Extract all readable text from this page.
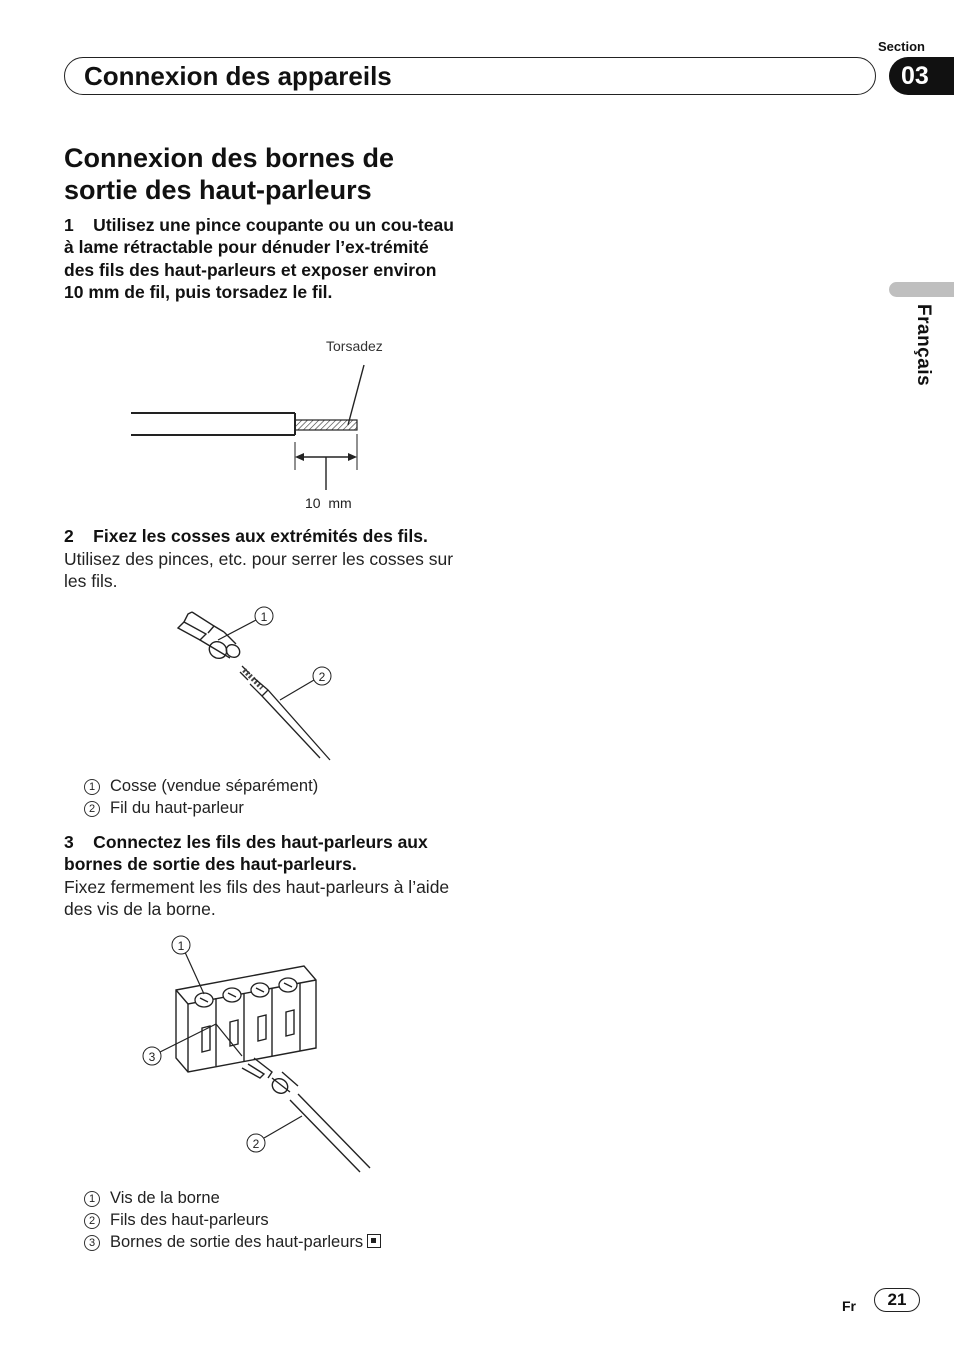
Section
Connexion des appareils	03
Français
Connexion des bornes de sortie des haut-parleurs
1    Utilisez une pince coupante ou un cou-teau à lame rétractable pour dénuder l’ex-trémité des fils des haut-parleurs et exposer environ 10 mm de fil, puis torsadez le fil.
Torsadez
10  mm
2    Fixez les cosses aux extrémités des fils.
Utilisez des pinces, etc. pour serrer les cosses sur les fils.
1
2
1 Cosse (vendue séparément)
2 Fil du haut-parleur
3    Connectez les fils des haut-parleurs aux bornes de sortie des haut-parleurs.
Fixez fermement les fils des haut-parleurs à l’aide des vis de la borne.
1
3
2
1 Vis de la borne
2 Fils des haut-parleurs
3 Bornes de sortie des haut-parleurs
Fr	21
